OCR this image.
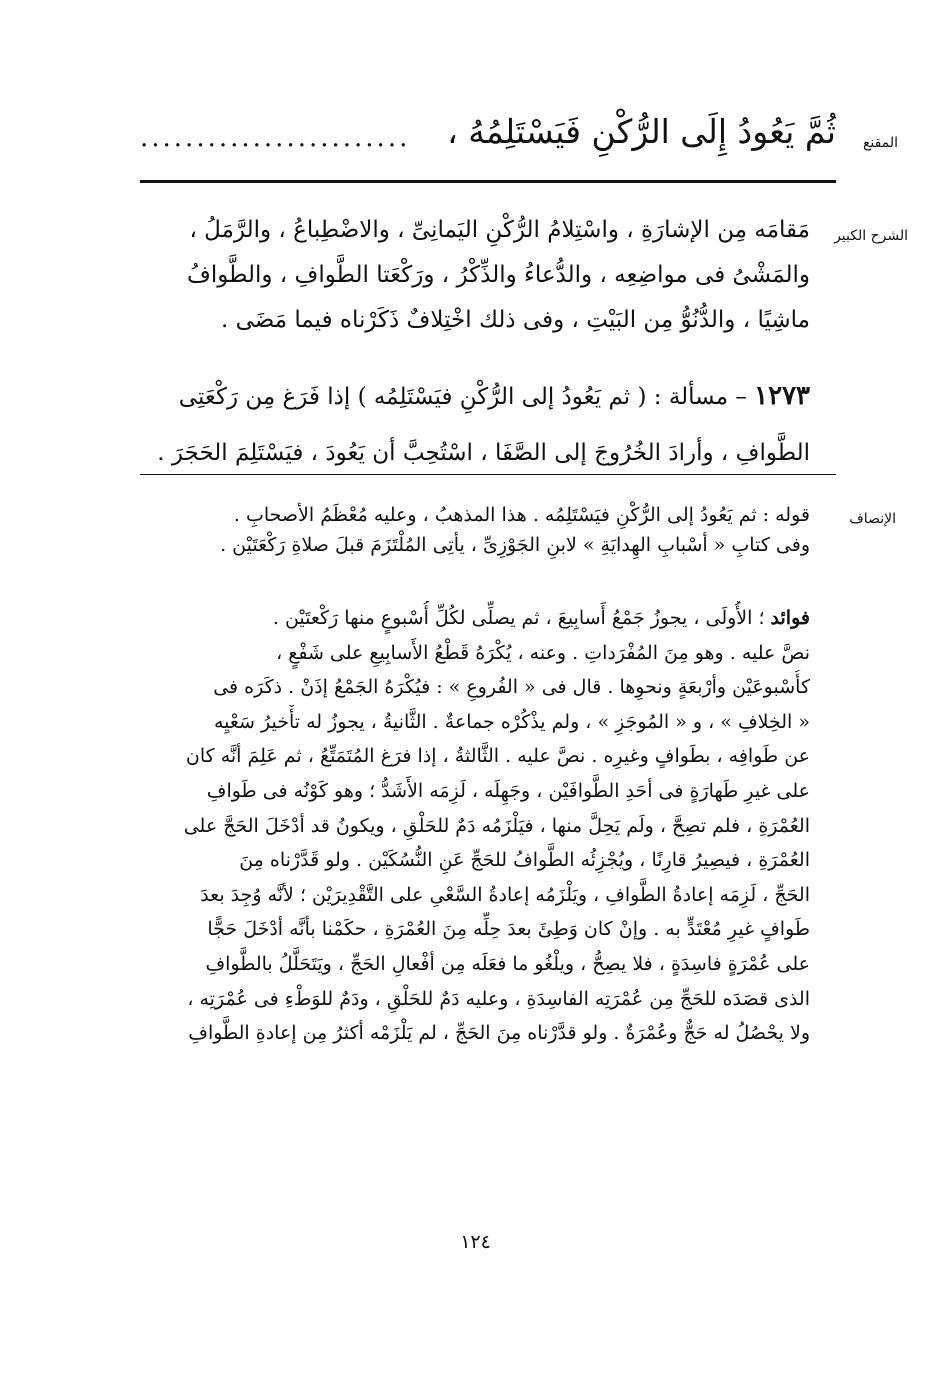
المقنع
الشرح الكبير
الإنصاف
........................	ثُمَّ يَعُودُ إِلَى الرُّكْنِ فَيَسْتَلِمُهُ ،
مَقامَه مِن الإشارَةِ ، واسْتِلامُ الرُّكْنِ اليَمانِىِّ ، والاضْطِباعُ ، والرَّمَلُ ،
والمَشْىُ فى مواضِعِه ، والدُّعاءُ والذِّكْرُ ، ورَكْعَتا الطَّوافِ ، والطَّوافُ
ماشِيًا ، والدُّنُوُّ مِن البَيْتِ ، وفى ذلك اخْتِلافٌ ذَكَرْناه فيما مَضَى .
١٢٧٣ – مسألة : ( ثم يَعُودُ إلى الرُّكْنِ فيَسْتَلِمُه ) إذا فَرَغ مِن رَكْعَتِى
الطَّوافِ ، وأرادَ الخُرُوجَ إلى الصَّفَا ، اسْتُحِبَّ أن يَعُودَ ، فيَسْتَلِمَ الحَجَرَ .
قوله : ثم يَعُودُ إلى الرُّكْنِ فيَسْتَلِمُه . هذا المذهبُ ، وعليه مُعْظَمُ الأصحابِ .
وفى كتابِ « أسْبابِ الهِدايَةِ » لابنِ الجَوْزِىِّ ، يأْتِى المُلْتَزَمَ قبلَ صلاةِ رَكْعَتَيْن .
فوائد ؛ الأُولَى ، يجوزُ جَمْعُ أَسابِيعَ ، ثم يصلِّى لكُلِّ أُسْبوعٍ منها رَكْعتَيْن .
نصَّ عليه . وهو مِنَ المُفْرَداتِ . وعنه ، يُكْرَهُ قَطْعُ الأَسابِيعِ على شَفْعٍ ،
كأُسْبوعَيْن وأرْبعَةٍ ونحوِها . قال فى « الفُروعِ » : فيُكْرَهُ الجَمْعُ إذَنْ . ذكَرَه فى
« الخِلافِ » ، و « المُوجَزِ » ، ولم يذْكُرْه جماعةٌ . الثَّانيةُ ، يجوزُ له تأْخيرُ سَعْيِه
عن طَوافِه ، بطَوافٍ وغيرِه . نصَّ عليه . الثَّالثةُ ، إذا فرَغ المُتَمَتِّعُ ، ثم عَلِمَ أنَّه كان
على غيرِ طَهارَةٍ فى أحَدِ الطَّوافَيْن ، وجَهِلَه ، لَزِمَه الأَشَدُّ ؛ وهو كَوْنُه فى طَوافِ
العُمْرَةِ ، فلم تصِحَّ ، ولَم يَحِلَّ منها ، فيَلْزَمُه دَمٌ للحَلْقِ ، ويكونُ قد أدْخَلَ الحَجَّ على
العُمْرَةِ ، فيصِيرُ قارِنًا ، ويُجْزِئُه الطَّوافُ للحَجِّ عَنِ النُّسُكَيْن . ولو قَدَّرْناه مِنَ
الحَجِّ ، لَزِمَه إعادةُ الطَّوافِ ، ويَلْزَمُه إعادةُ السَّعْىِ على التَّقْدِيرَيْن ؛ لأنَّه وُجِدَ بعدَ
طَوافٍ غيرِ مُعْتَدٍّ به . وإنْ كان وَطِئَ بعدَ حِلِّه مِنَ العُمْرَةِ ، حكَمْنا بأنَّه أدْخَلَ حَجًّا
على عُمْرَةٍ فاسِدَةٍ ، فلا يصِحُّ ، ويلْغُو ما فعَلَه مِن أفْعالِ الحَجِّ ، ويَتَحَلَّلُ بالطَّوافِ
الذى قصَدَه للحَجِّ مِن عُمْرَتِه الفاسِدَةِ ، وعليه دَمٌ للحَلْقِ ، ودَمٌ للوَطْءِ فى عُمْرَتِه ،
ولا يحْصُلُ له حَجٌّ وعُمْرَةٌ . ولو قدَّرْناه مِنَ الحَجِّ ، لم يَلْزَمْه أكثرُ مِن إعادةِ الطَّوافِ
١٢٤
